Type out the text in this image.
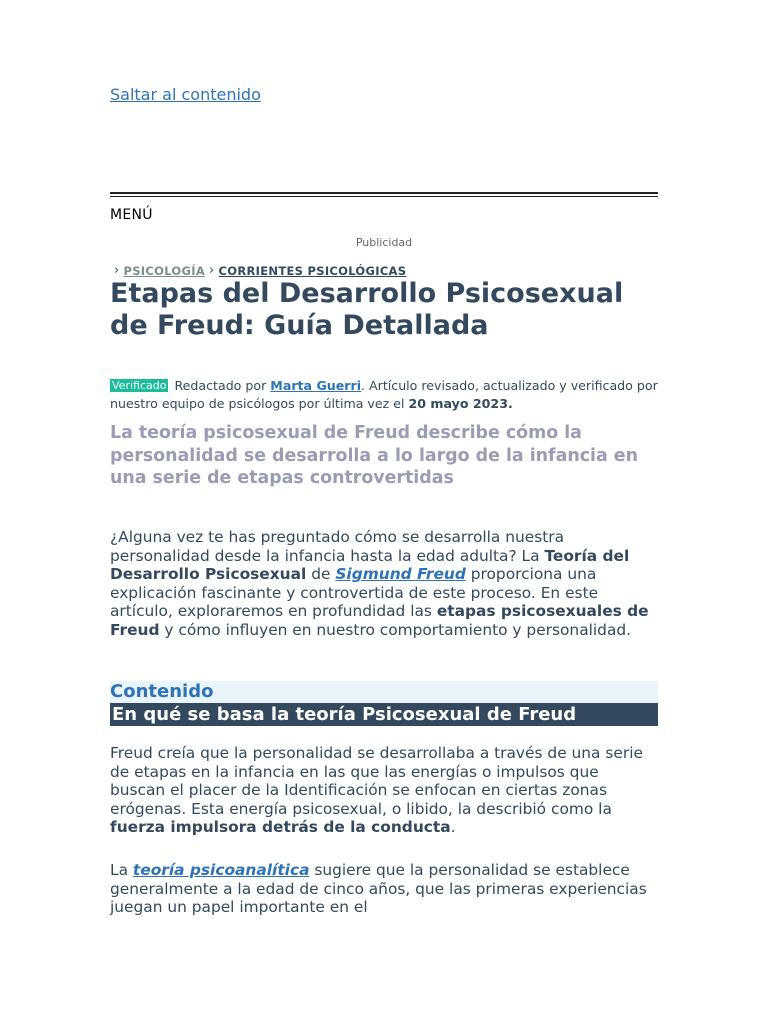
Saltar al contenido
MENÚ
Publicidad
› PSICOLOGÍA › CORRIENTES PSICOLÓGICAS
Etapas del Desarrollo Psicosexual de Freud: Guía Detallada
Verificado Redactado por Marta Guerri. Artículo revisado, actualizado y verificado por nuestro equipo de psicólogos por última vez el 20 mayo 2023.
La teoría psicosexual de Freud describe cómo la personalidad se desarrolla a lo largo de la infancia en una serie de etapas controvertidas

¿Alguna vez te has preguntado cómo se desarrolla nuestra personalidad desde la infancia hasta la edad adulta? La Teoría del Desarrollo Psicosexual de Sigmund Freud proporciona una explicación fascinante y controvertida de este proceso. En este artículo, exploraremos en profundidad las etapas psicosexuales de Freud y cómo influyen en nuestro comportamiento y personalidad.

Contenido
En qué se basa la teoría Psicosexual de Freud

Freud creía que la personalidad se desarrollaba a través de una serie de etapas en la infancia en las que las energías o impulsos que buscan el placer de la Identificación se enfocan en ciertas zonas erógenas. Esta energía psicosexual, o libido, la describió como la fuerza impulsora detrás de la conducta.

La teoría psicoanalítica sugiere que la personalidad se establece generalmente a la edad de cinco años, que las primeras experiencias juegan un papel importante en el
